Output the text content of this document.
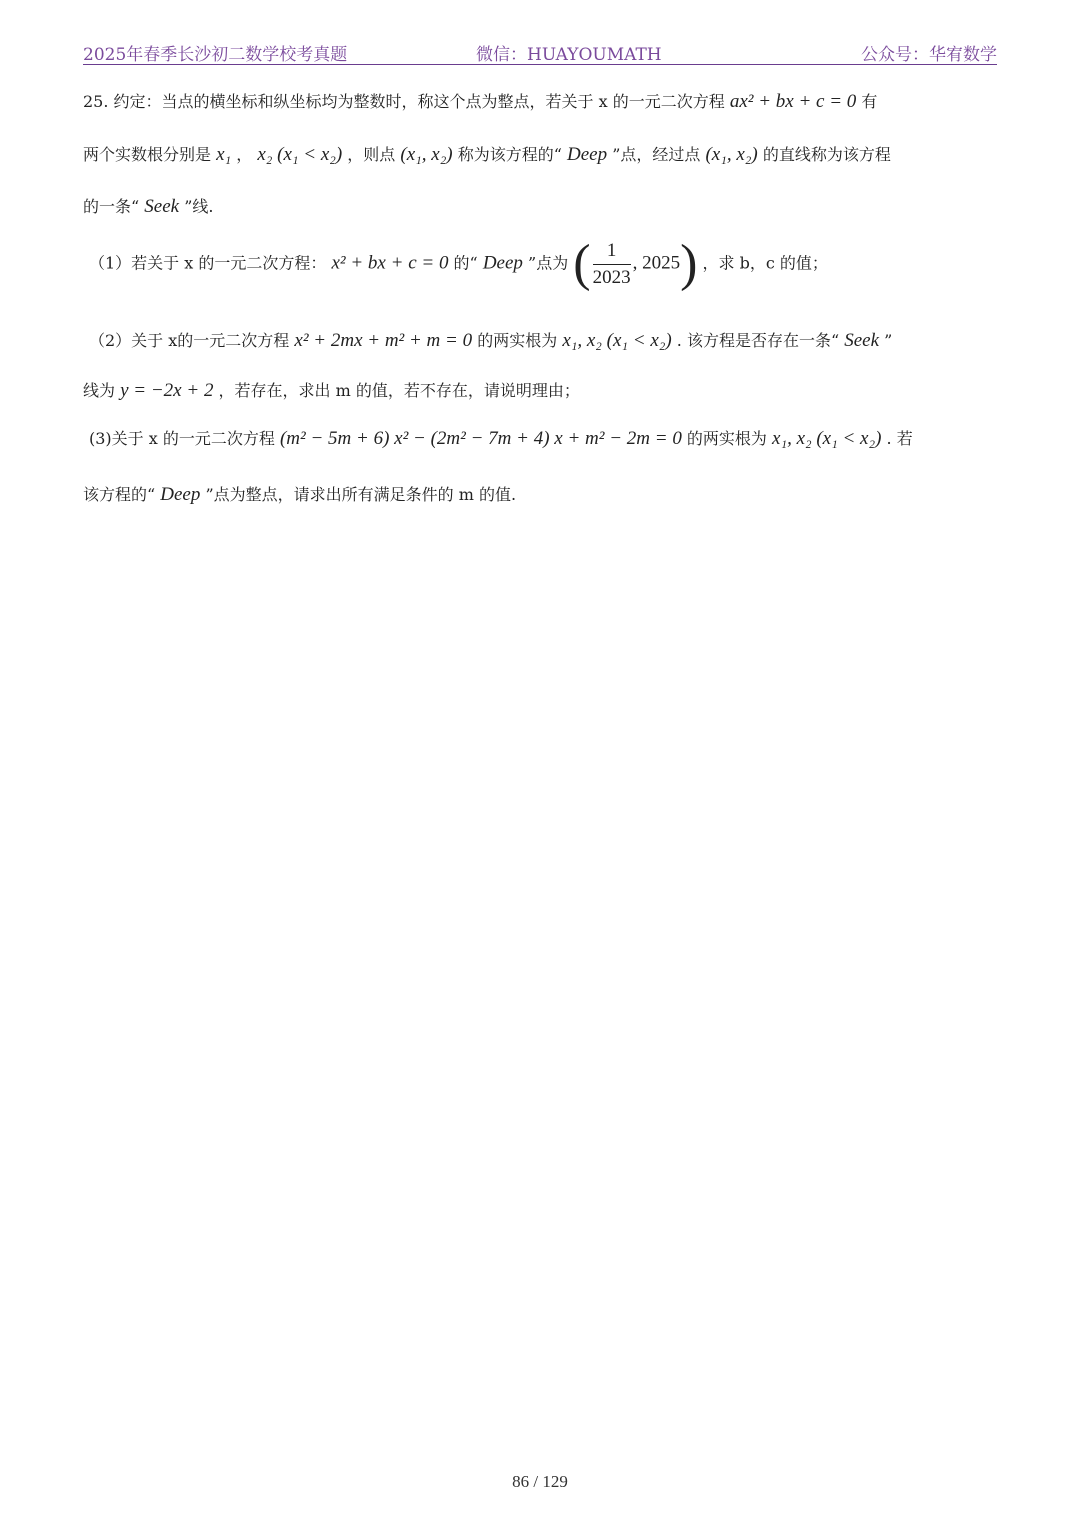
2025年春季长沙初二数学校考真题	微信：HUAYOUMATH	公众号：华宥数学
25. 约定：当点的横坐标和纵坐标均为整数时，称这个点为整点，若关于 x 的一元二次方程 ax² + bx + c = 0 有
两个实数根分别是 x₁ ， x₂ (x₁ < x₂) ，则点 (x₁, x₂) 称为该方程的“ Deep ”点，经过点 (x₁, x₂) 的直线称为该方程
的一条“ Seek ”线.
（1）若关于 x 的一元二次方程： x² + bx + c = 0 的“ Deep ”点为 ( $\frac{1}{2023}$ , 2025) ，求 b，c 的值；
（2）关于 x的一元二次方程 x² + 2mx + m² + m = 0 的两实根为 x₁, x₂ (x₁ < x₂) . 该方程是否存在一条“ Seek ”
线为 y = −2x + 2 ，若存在，求出 m 的值，若不存在，请说明理由；
(3)关于 x 的一元二次方程 (m² − 5m + 6) x² − (2m² − 7m + 4) x + m² − 2m = 0 的两实根为 x₁, x₂ (x₁ < x₂) . 若
该方程的“ Deep ”点为整点，请求出所有满足条件的 m 的值.
86 / 129
